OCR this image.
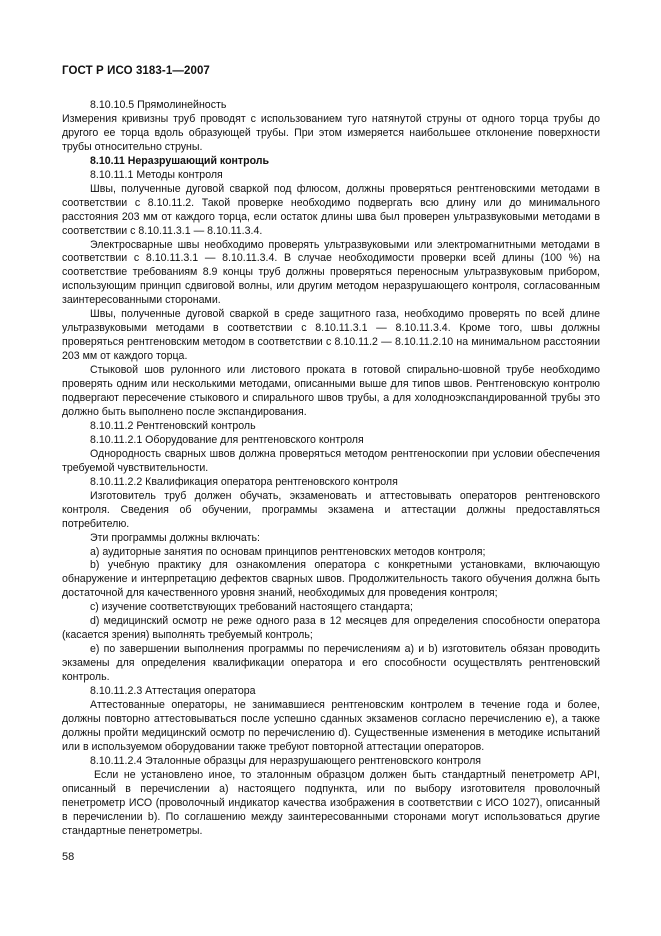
ГОСТ Р ИСО 3183-1—2007

8.10.10.5 Прямолинейность

Измерения кривизны труб проводят с использованием туго натянутой струны от одного торца трубы до другого ее торца вдоль образующей трубы. При этом измеряется наибольшее отклонение поверхности трубы относительно струны.

8.10.11 Неразрушающий контроль

8.10.11.1 Методы контроля

Швы, полученные дуговой сваркой под флюсом, должны проверяться рентгеновскими методами в соответствии с 8.10.11.2. Такой проверке необходимо подвергать всю длину или до минимального расстояния 203 мм от каждого торца, если остаток длины шва был проверен ультразвуковыми методами в соответствии с 8.10.11.3.1 — 8.10.11.3.4.

Электросварные швы необходимо проверять ультразвуковыми или электромагнитными методами в соответствии с 8.10.11.3.1 — 8.10.11.3.4. В случае необходимости проверки всей длины (100 %) на соответствие требованиям 8.9 концы труб должны проверяться переносным ультразвуковым прибором, использующим принцип сдвиговой волны, или другим методом неразрушающего контроля, согласованным заинтересованными сторонами.

Швы, полученные дуговой сваркой в среде защитного газа, необходимо проверять по всей длине ультразвуковыми методами в соответствии с 8.10.11.3.1 — 8.10.11.3.4. Кроме того, швы должны проверяться рентгеновским методом в соответствии с 8.10.11.2 — 8.10.11.2.10 на минимальном расстоянии 203 мм от каждого торца.

Стыковой шов рулонного или листового проката в готовой спирально-шовной трубе необходимо проверять одним или несколькими методами, описанными выше для типов швов. Рентгеновскую контролю подвергают пересечение стыкового и спирального швов трубы, а для холодноэкспандированной трубы это должно быть выполнено после экспандирования.

8.10.11.2 Рентгеновский контроль

8.10.11.2.1 Оборудование для рентгеновского контроля

Однородность сварных швов должна проверяться методом рентгеноскопии при условии обеспечения требуемой чувствительности.

8.10.11.2.2 Квалификация оператора рентгеновского контроля

Изготовитель труб должен обучать, экзаменовать и аттестовывать операторов рентгеновского контроля. Сведения об обучении, программы экзамена и аттестации должны предоставляться потребителю.

Эти программы должны включать:

а) аудиторные занятия по основам принципов рентгеновских методов контроля;

b) учебную практику для ознакомления оператора с конкретными установками, включающую обнаружение и интерпретацию дефектов сварных швов. Продолжительность такого обучения должна быть достаточной для качественного уровня знаний, необходимых для проведения контроля;

с) изучение соответствующих требований настоящего стандарта;

d) медицинский осмотр не реже одного раза в 12 месяцев для определения способности оператора (касается зрения) выполнять требуемый контроль;

е) по завершении выполнения программы по перечислениям а) и b) изготовитель обязан проводить экзамены для определения квалификации оператора и его способности осуществлять рентгеновский контроль.

8.10.11.2.3 Аттестация оператора

Аттестованные операторы, не занимавшиеся рентгеновским контролем в течение года и более, должны повторно аттестовываться после успешно сданных экзаменов согласно перечислению е), а также должны пройти медицинский осмотр по перечислению d). Существенные изменения в методике испытаний или в используемом оборудовании также требуют повторной аттестации операторов.

8.10.11.2.4 Эталонные образцы для неразрушающего рентгеновского контроля

Если не установлено иное, то эталонным образцом должен быть стандартный пенетрометр API, описанный в перечислении а) настоящего подпункта, или по выбору изготовителя проволочный пенетрометр ИСО (проволочный индикатор качества изображения в соответствии с ИСО 1027), описанный в перечислении b). По соглашению между заинтересованными сторонами могут использоваться другие стандартные пенетрометры.

58
